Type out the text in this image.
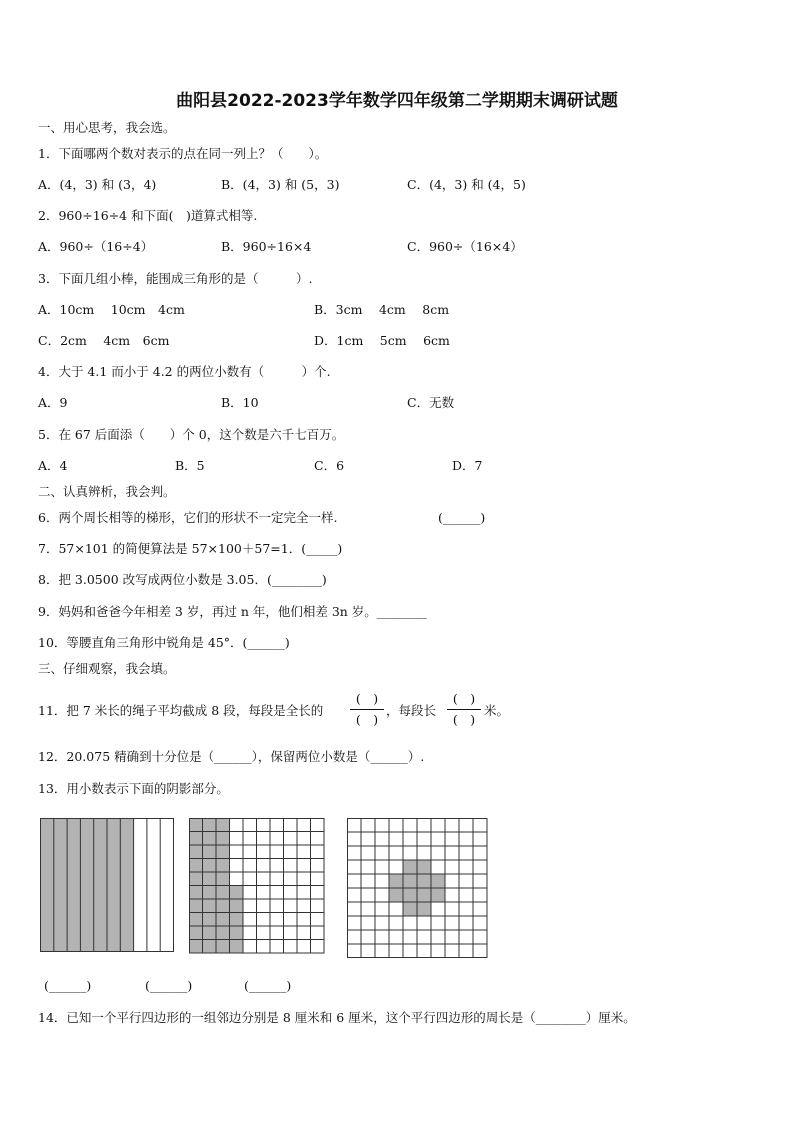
曲阳县2022-2023学年数学四年级第二学期期末调研试题
一、用心思考，我会选。
1．下面哪两个数对表示的点在同一列上？（　　）。
A．(4，3) 和 (3，4)	B．(4，3) 和 (5，3)	C．(4，3) 和 (4，5)
2．960÷16÷4 和下面(　)道算式相等.
A．960÷（16÷4）	B．960÷16×4	C．960÷（16×4）
3．下面几组小棒，能围成三角形的是（　　　）.
A．10cm　 10cm　4cm	B．3cm　 4cm　 8cm
C．2cm　 4cm　6cm	D．1cm　 5cm　 6cm
4．大于 4.1 而小于 4.2 的两位小数有（　　　）个.
A．9	B．10	C．无数
5．在 67 后面添（　　）个 0，这个数是六千七百万。
A．4	B．5	C．6	D．7
二、认真辨析，我会判。
6．两个周长相等的梯形，它们的形状不一定完全一样.	(______)
7．57×101 的简便算法是 57×100＋57=1．(_____)
8．把 3.0500 改写成两位小数是 3.05．(________)
9．妈妈和爸爸今年相差 3 岁，再过 n 年，他们相差 3n 岁。________
10．等腰直角三角形中锐角是 45°．(______)
三、仔细观察，我会填。
11．把 7 米长的绳子平均截成 8 段，每段是全长的
(　)
(　)
，每段长
(　)
(　)
米。
12．20.075 精确到十分位是（______），保留两位小数是（______）.
13．用小数表示下面的阴影部分。
(______)	(______)	(______)
14．已知一个平行四边形的一组邻边分别是 8 厘米和 6 厘米，这个平行四边形的周长是（________）厘米。
